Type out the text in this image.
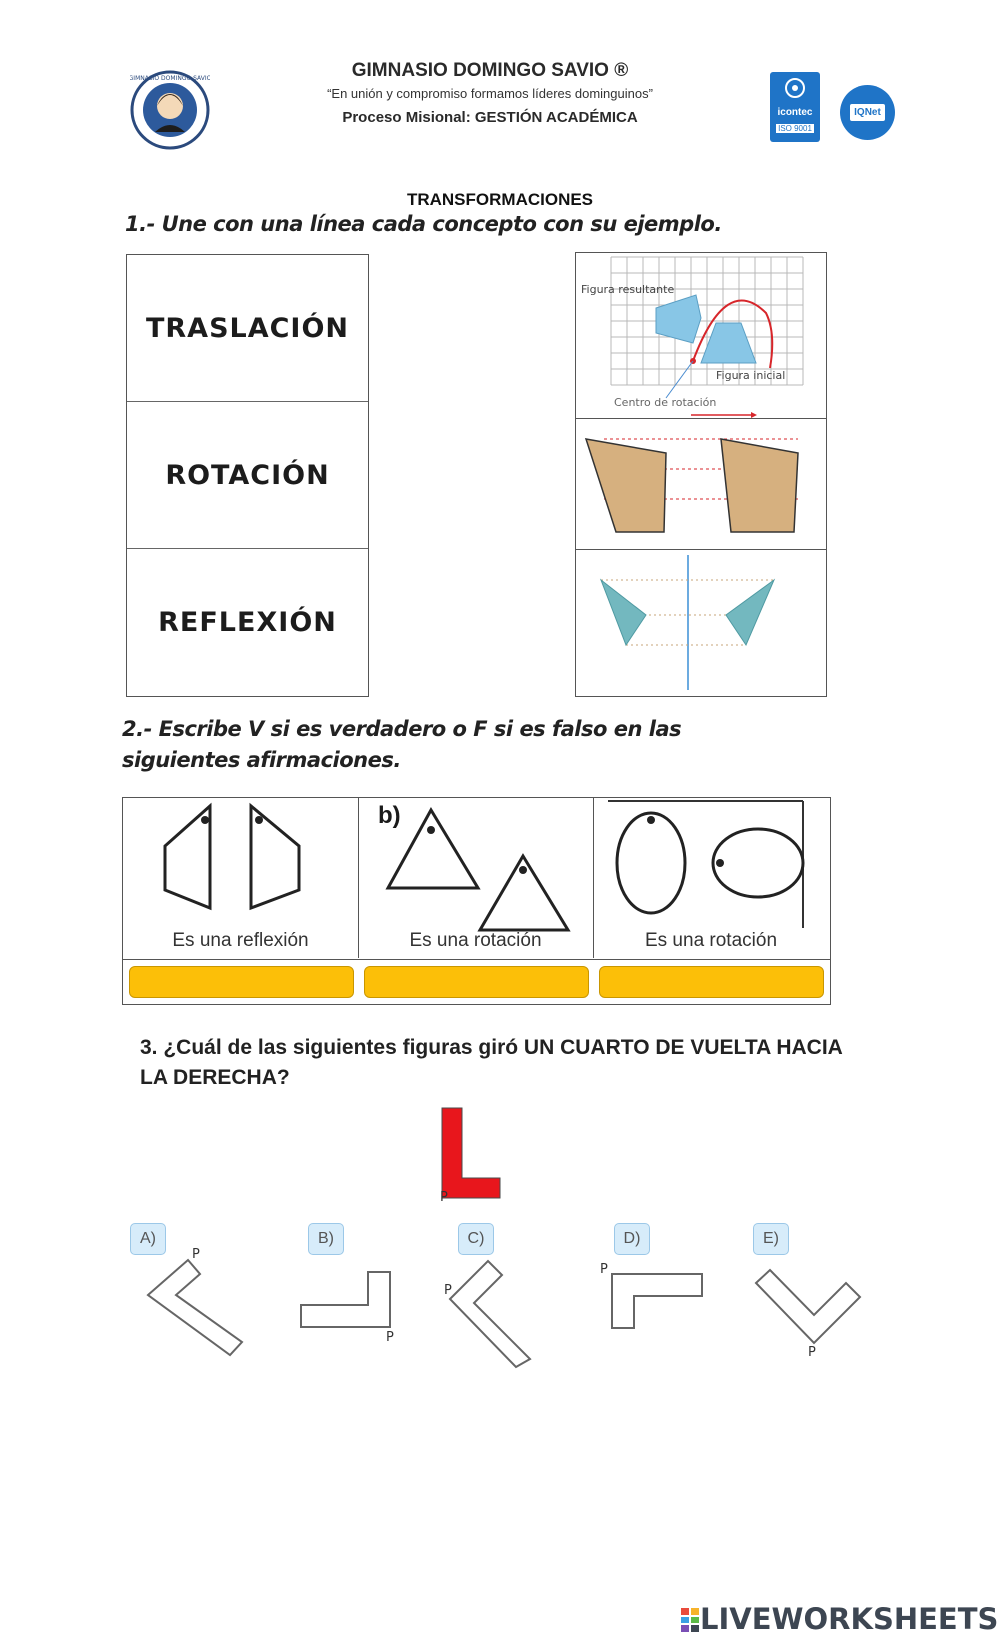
GIMNASIO DOMINGO SAVIO	GIMNASIO DOMINGO SAVIO ®
“En unión y compromiso formamos líderes dominguinos”
Proceso Misional: GESTIÓN ACADÉMICA	icontec
ISO 9001
IQNet
TRANSFORMACIONES
1.- Une con una línea cada concepto con su ejemplo.
TRASLACIÓN
ROTACIÓN
REFLEXIÓN
Figura resultante
Figura inicial
Centro de rotación
2.- Escribe V si es verdadero o F si es falso en las siguientes afirmaciones.
Es una reflexión
b)
Es una rotación	Es una rotación
3. ¿Cuál de las siguientes figuras giró UN CUARTO DE VUELTA HACIA LA DERECHA?
P
A)
P
B)
P
C)
P
D)
P
E)
P
LIVEWORKSHEETS
